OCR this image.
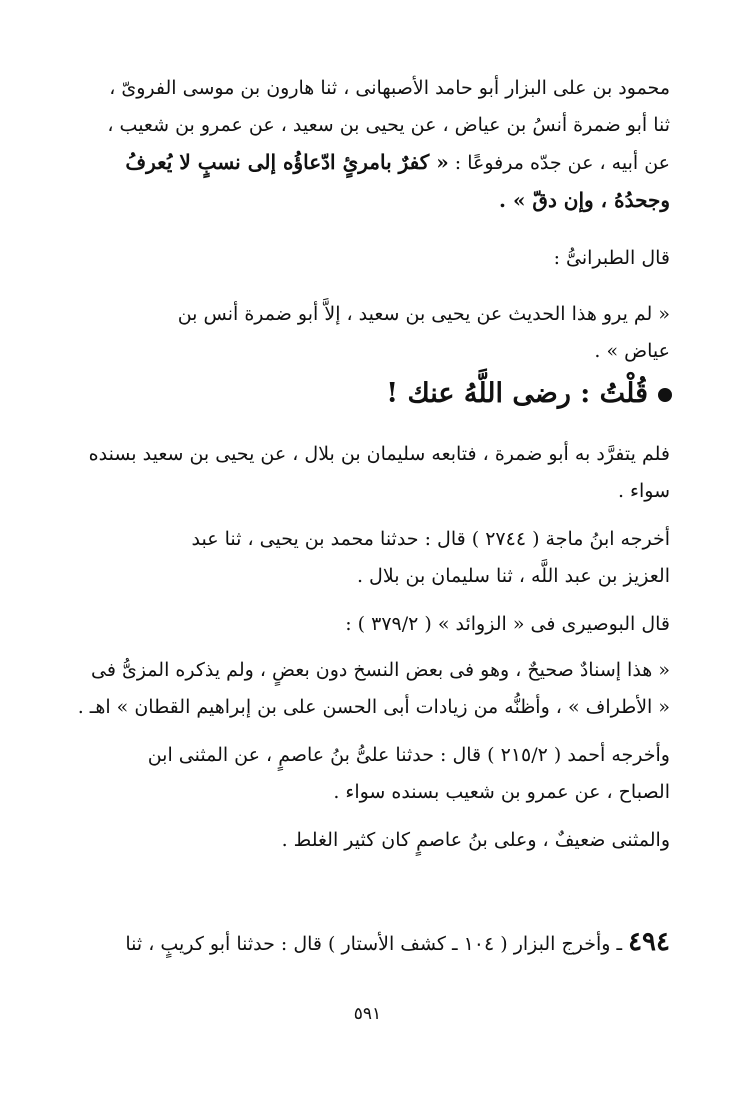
محمود بن على البزار أبو حامد الأصبهانى ، ثنا هارون بن موسى الفروىّ ،
ثنا أبو ضمرة أنسُ بن عياض ، عن يحيى بن سعيد ، عن عمرو بن شعيب ،
عن أبيه ، عن جدّه مرفوعًا : « كفرٌ بامرئٍ ادّعاؤُه إلى نسبٍ لا يُعرفُ
وجحدُهُ ، وإن دقّ » .
قال الطبرانىُّ :
« لم يرو هذا الحديث عن يحيى بن سعيد ، إلاَّ أبو ضمرة أنس بن
عياض » .
قُلْتُ : رضى اللَّهُ عنك !
فلم يتفرَّد به أبو ضمرة ، فتابعه سليمان بن بلال ، عن يحيى بن سعيد بسنده
سواء .
أخرجه ابنُ ماجة ( ٢٧٤٤ ) قال : حدثنا محمد بن يحيى ، ثنا عبد
العزيز بن عبد اللَّه ، ثنا سليمان بن بلال .
قال البوصيرى فى « الزوائد » ( ٣٧٩/٢ ) :
« هذا إسنادٌ صحيحٌ ، وهو فى بعض النسخ دون بعضٍ ، ولم يذكره المزىُّ فى
« الأطراف » ، وأظنُّه من زيادات أبى الحسن على بن إبراهيم القطان » اهـ .
وأخرجه أحمد ( ٢١٥/٢ ) قال : حدثنا علىُّ بنُ عاصمٍ ، عن المثنى ابن
الصباح ، عن عمرو بن شعيب بسنده سواء .
والمثنى ضعيفٌ ، وعلى بنُ عاصمٍ كان كثير الغلط .
٤٩٤ ـ وأخرج البزار ( ١٠٤ ـ كشف الأستار ) قال : حدثنا أبو كريبٍ ، ثنا
٥٩١
